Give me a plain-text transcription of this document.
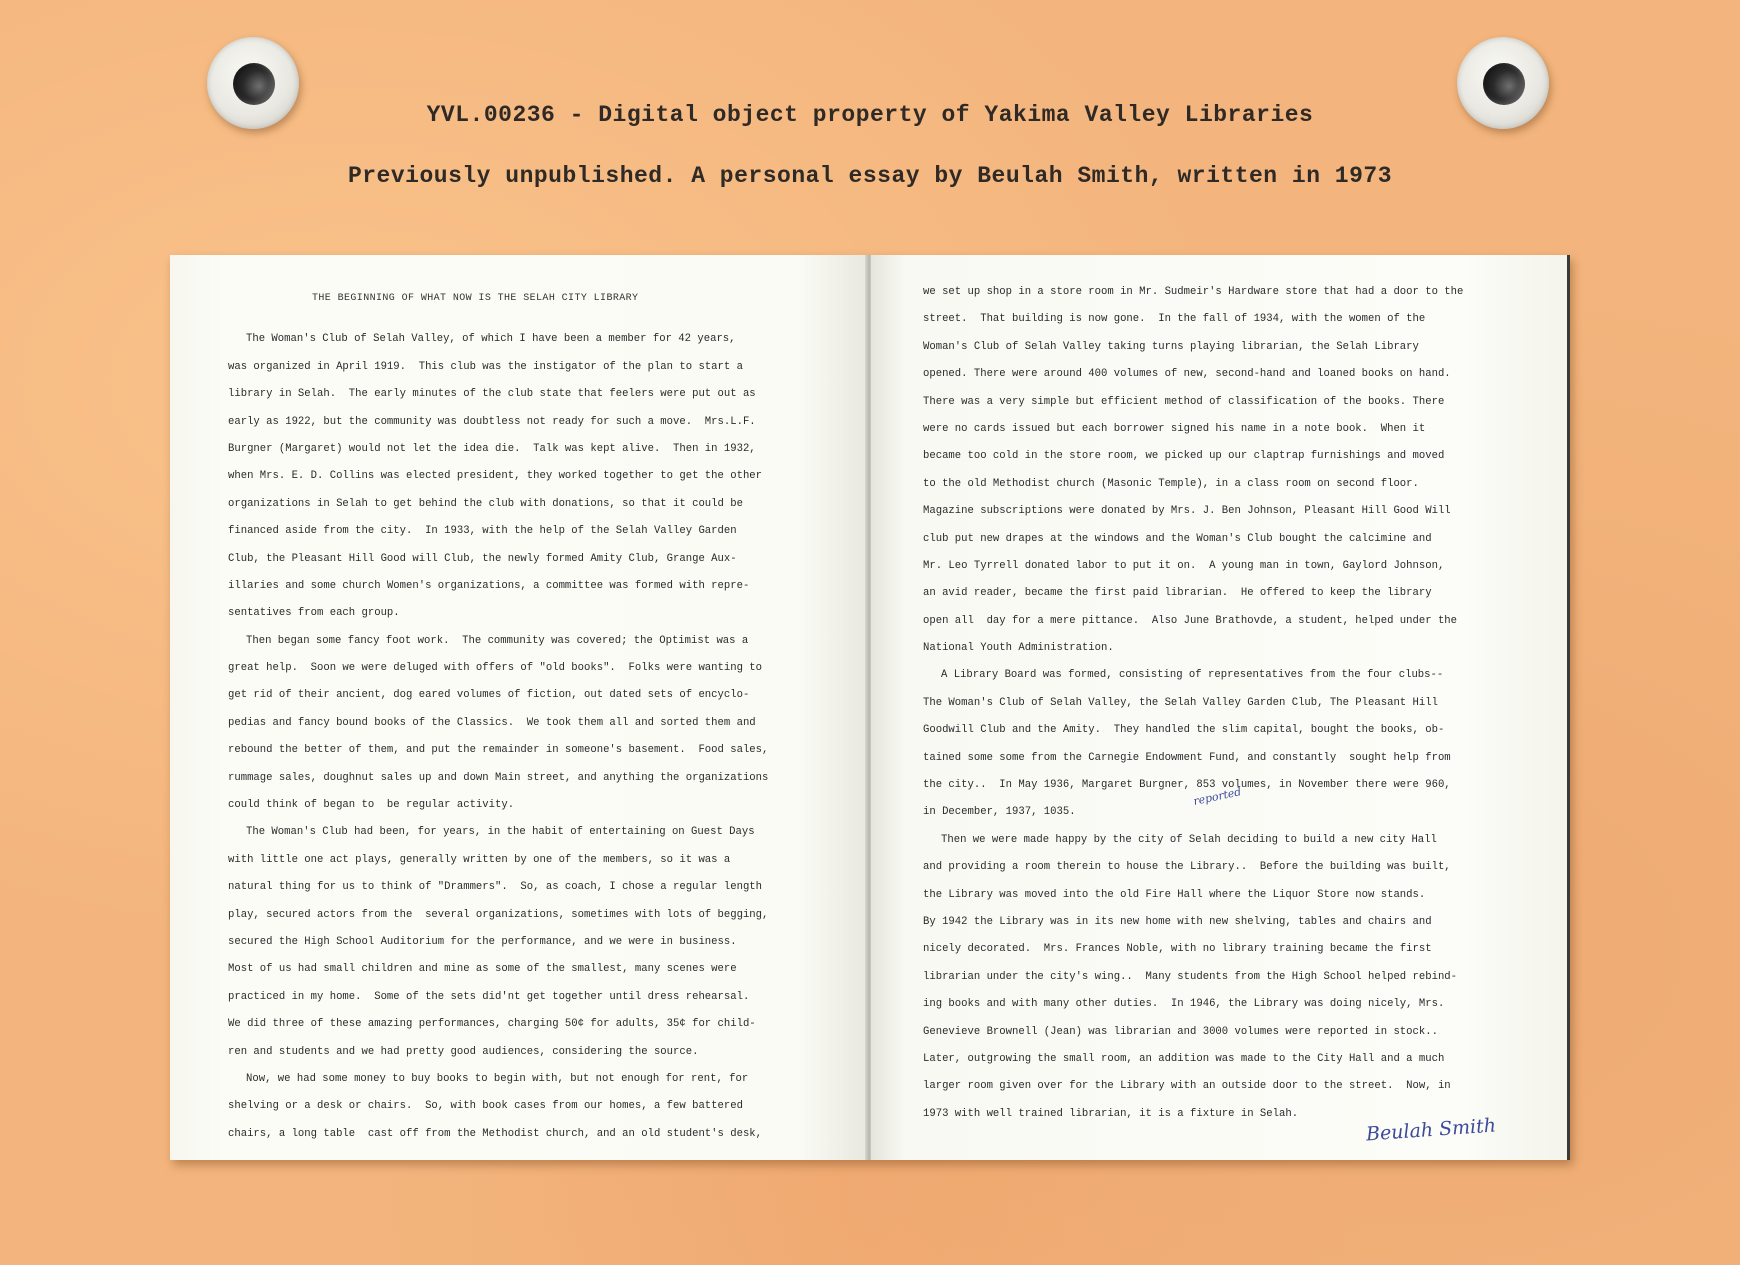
YVL.00236 - Digital object property of Yakima Valley Libraries
Previously unpublished. A personal essay by Beulah Smith, written in 1973
THE BEGINNING OF WHAT NOW IS THE SELAH CITY LIBRARY
The Woman's Club of Selah Valley, of which I have been a member for 42 years,
was organized in April 1919.  This club was the instigator of the plan to start a
library in Selah.  The early minutes of the club state that feelers were put out as
early as 1922, but the community was doubtless not ready for such a move.  Mrs.L.F.
Burgner (Margaret) would not let the idea die.  Talk was kept alive.  Then in 1932,
when Mrs. E. D. Collins was elected president, they worked together to get the other
organizations in Selah to get behind the club with donations, so that it could be
financed aside from the city.  In 1933, with the help of the Selah Valley Garden
Club, the Pleasant Hill Good will Club, the newly formed Amity Club, Grange Aux-
illaries and some church Women's organizations, a committee was formed with repre-
sentatives from each group.
Then began some fancy foot work.  The community was covered; the Optimist was a
great help.  Soon we were deluged with offers of "old books".  Folks were wanting to
get rid of their ancient, dog eared volumes of fiction, out dated sets of encyclo-
pedias and fancy bound books of the Classics.  We took them all and sorted them and
rebound the better of them, and put the remainder in someone's basement.  Food sales,
rummage sales, doughnut sales up and down Main street, and anything the organizations
could think of began to  be regular activity.
The Woman's Club had been, for years, in the habit of entertaining on Guest Days
with little one act plays, generally written by one of the members, so it was a
natural thing for us to think of "Drammers".  So, as coach, I chose a regular length
play, secured actors from the  several organizations, sometimes with lots of begging,
secured the High School Auditorium for the performance, and we were in business.
Most of us had small children and mine as some of the smallest, many scenes were
practiced in my home.  Some of the sets did'nt get together until dress rehearsal.
We did three of these amazing performances, charging 50¢ for adults, 35¢ for child-
ren and students and we had pretty good audiences, considering the source.
Now, we had some money to buy books to begin with, but not enough for rent, for
shelving or a desk or chairs.  So, with book cases from our homes, a few battered
chairs, a long table  cast off from the Methodist church, and an old student's desk,
we set up shop in a store room in Mr. Sudmeir's Hardware store that had a door to the
street.  That building is now gone.  In the fall of 1934, with the women of the
Woman's Club of Selah Valley taking turns playing librarian, the Selah Library
opened. There were around 400 volumes of new, second-hand and loaned books on hand.
There was a very simple but efficient method of classification of the books. There
were no cards issued but each borrower signed his name in a note book.  When it
became too cold in the store room, we picked up our claptrap furnishings and moved
to the old Methodist church (Masonic Temple), in a class room on second floor.
Magazine subscriptions were donated by Mrs. J. Ben Johnson, Pleasant Hill Good Will
club put new drapes at the windows and the Woman's Club bought the calcimine and
Mr. Leo Tyrrell donated labor to put it on.  A young man in town, Gaylord Johnson,
an avid reader, became the first paid librarian.  He offered to keep the library
open all  day for a mere pittance.  Also June Brathovde, a student, helped under the
National Youth Administration.
A Library Board was formed, consisting of representatives from the four clubs--
The Woman's Club of Selah Valley, the Selah Valley Garden Club, The Pleasant Hill
Goodwill Club and the Amity.  They handled the slim capital, bought the books, ob-
tained some some from the Carnegie Endowment Fund, and constantly  sought help from
the city..  In May 1936, Margaret Burgner, 853 volumes, in November there were 960,
in December, 1937, 1035.
Then we were made happy by the city of Selah deciding to build a new city Hall
and providing a room therein to house the Library..  Before the building was built,
the Library was moved into the old Fire Hall where the Liquor Store now stands.
By 1942 the Library was in its new home with new shelving, tables and chairs and
nicely decorated.  Mrs. Frances Noble, with no library training became the first
librarian under the city's wing..  Many students from the High School helped rebind-
ing books and with many other duties.  In 1946, the Library was doing nicely, Mrs.
Genevieve Brownell (Jean) was librarian and 3000 volumes were reported in stock..
Later, outgrowing the small room, an addition was made to the City Hall and a much
larger room given over for the Library with an outside door to the street.  Now, in
1973 with well trained librarian, it is a fixture in Selah.
reported
Beulah Smith
